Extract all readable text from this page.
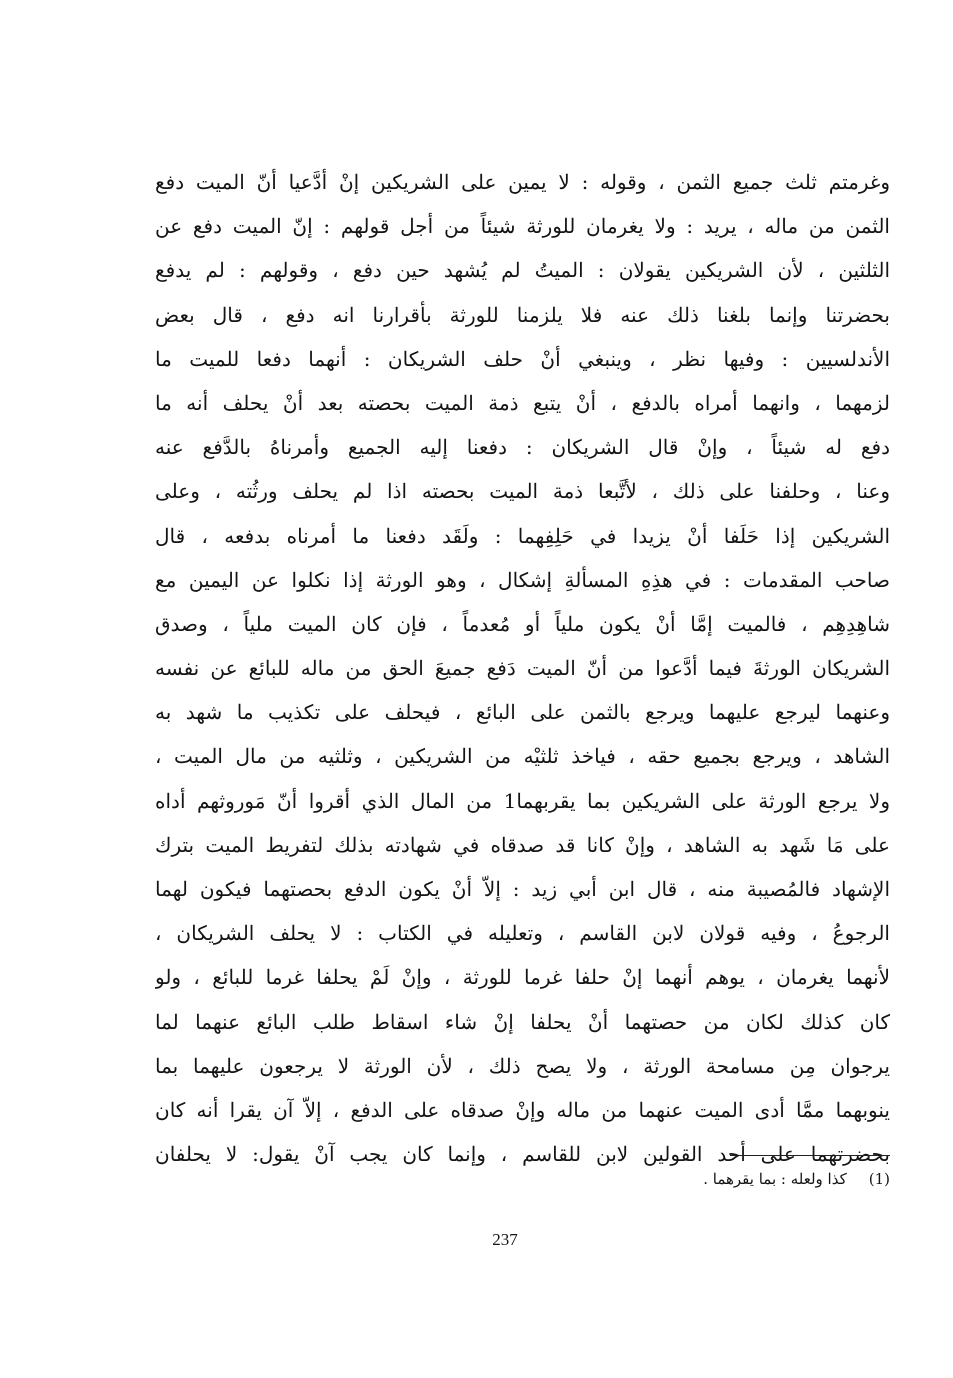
وغرمتم ثلث جميع الثمن ، وقوله : لا يمين على الشريكين إنْ أدَّعيا أنّ الميت دفع
الثمن من ماله ، يريد : ولا يغرمان للورثة شيئاً من أجل قولهم : إنّ الميت دفع عن
الثلثين ، لأن الشريكين يقولان : الميتُ لم يُشهد حين دفع ، وقولهم : لم يدفع
بحضرتنا وإنما بلغنا ذلك عنه فلا يلزمنا للورثة بأقرارنا انه دفع ، قال بعض
الأندلسيين : وفيها نظر ، وينبغي أنْ حلف الشريكان : أنهما دفعا للميت ما
لزمهما ، وانهما أمراه بالدفع ، أنْ يتبع ذمة الميت بحصته بعد أنْ يحلف أنه ما
دفع له شيئاً ، وإنْ قال الشريكان : دفعنا إليه الجميع وأمرناهُ بالدَّفع عنه
وعنا ، وحلفنا على ذلك ، لأتَّبعا ذمة الميت بحصته اذا لم يحلف ورثُته ، وعلى
الشريكين إذا حَلَفا أنْ يزيدا في حَلِفِهما : ولَقَد دفعنا ما أمرناه بدفعه ، قال
صاحب المقدمات : في هذِهِ المسألةِ إشكال ، وهو الورثة إذا نكلوا عن اليمين مع
شاهِدِهِم ، فالميت إمَّا أنْ يكون ملياً أو مُعدماً ، فإن كان الميت ملياً ، وصدق
الشريكان الورثةَ فيما أدَّعوا من أنّ الميت دَفع جميعَ الحق من ماله للبائع عن نفسه
وعنهما ليرجع عليهما ويرجع بالثمن على البائع ، فيحلف على تكذيب ما شهد به
الشاهد ، ويرجع بجميع حقه ، فياخذ ثلثيْه من الشريكين ، وثلثيه من مال الميت ،
ولا يرجع الورثة على الشريكين بما يقربهما1 من المال الذي أقروا أنّ مَوروثهم أداه
على مَا شَهد به الشاهد ، وإنْ كانا قد صدقاه في شهادته بذلك لتفريط الميت بترك
الإشهاد فالمُصيبة منه ، قال ابن أبي زيد : إلاّ أنْ يكون الدفع بحصتهما فيكون لهما
الرجوعُ ، وفيه قولان لابن القاسم ، وتعليله في الكتاب : لا يحلف الشريكان ،
لأنهما يغرمان ، يوهم أنهما إنْ حلفا غرما للورثة ، وإنْ لَمْ يحلفا غرما للبائع ، ولو
كان كذلك لكان من حصتهما أنْ يحلفا إنْ شاء اسقاط طلب البائع عنهما لما
يرجوان مِن مسامحة الورثة ، ولا يصح ذلك ، لأن الورثة لا يرجعون عليهما بما
ينوبهما ممَّا أدى الميت عنهما من ماله وإنْ صدقاه على الدفع ، إلاّ آن يقرا أنه كان
بحضرتهما على أحد القولين لابن للقاسم ، وإنما كان يجب آنْ يقول: لا يحلفان
(1)كذا ولعله : بما يقرهما .
237
